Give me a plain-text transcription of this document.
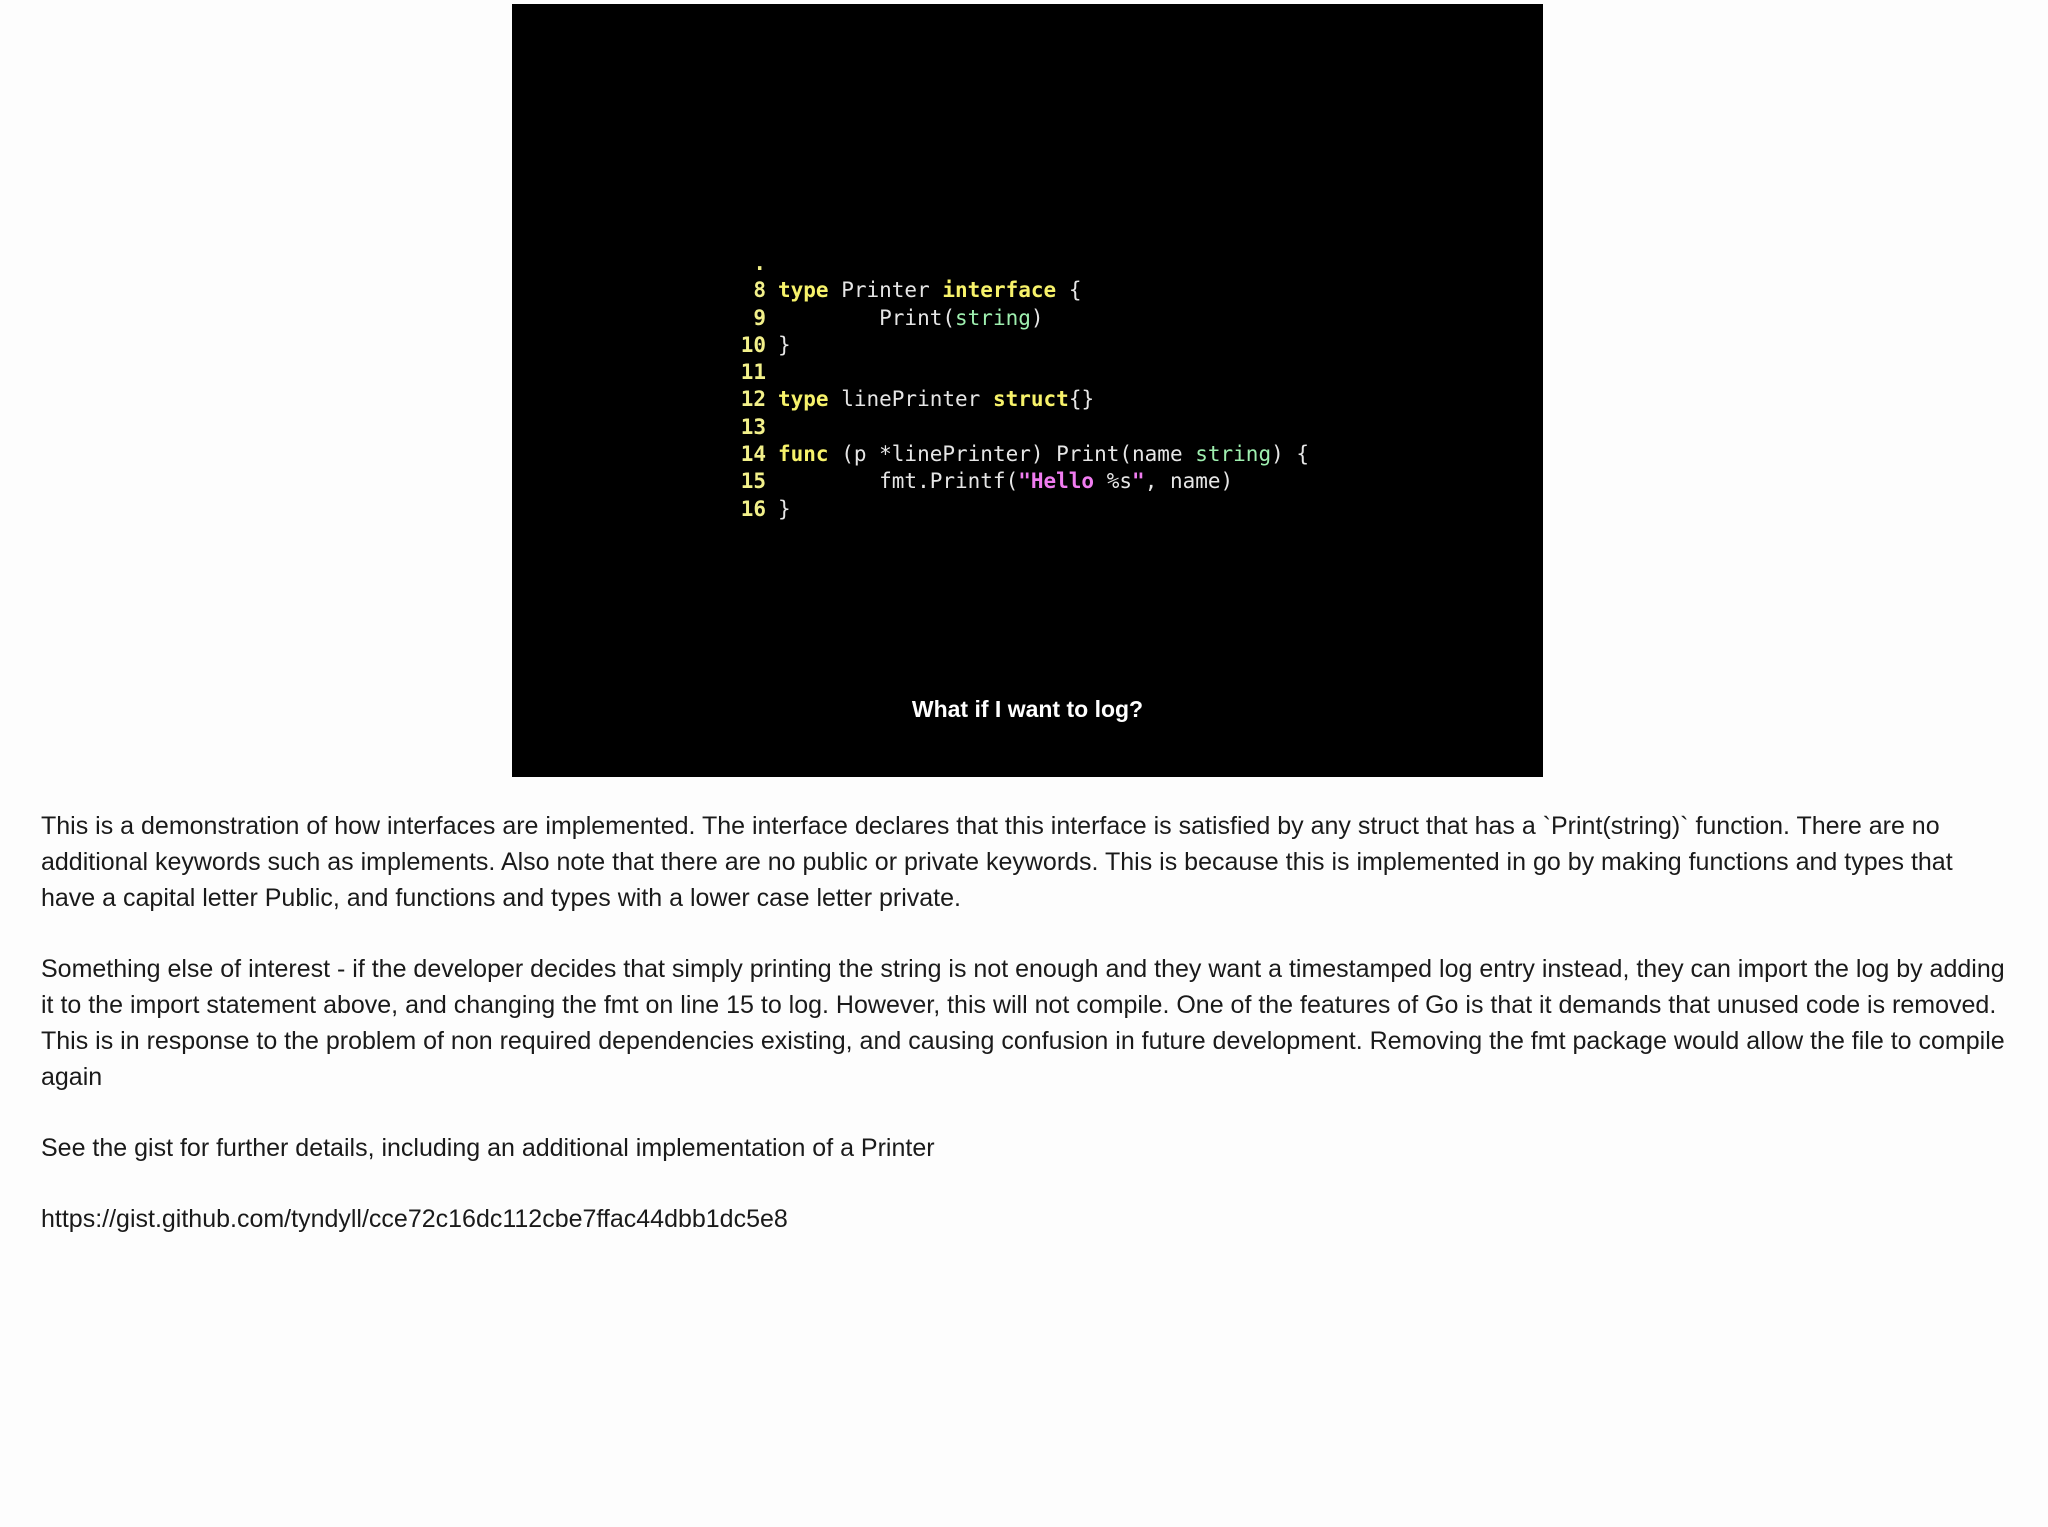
.
8 type Printer interface {
9        Print(string)
10 }
11
12 type linePrinter struct{}
13
14 func (p *linePrinter) Print(name string) {
15        fmt.Printf("Hello %s", name)
16 }
What if I want to log?

This is a demonstration of how interfaces are implemented. The interface declares that this interface is satisfied by any struct that has a `Print(string)` function. There are no additional keywords such as implements. Also note that there are no public or private keywords. This is because this is implemented in go by making functions and types that have a capital letter Public, and functions and types with a lower case letter private.

Something else of interest - if the developer decides that simply printing the string is not enough and they want a timestamped log entry instead, they can import the log by adding it to the import statement above, and changing the fmt on line 15 to log. However, this will not compile. One of the features of Go is that it demands that unused code is removed. This is in response to the problem of non required dependencies existing, and causing confusion in future development. Removing the fmt package would allow the file to compile again

See the gist for further details, including an additional implementation of a Printer

https://gist.github.com/tyndyll/cce72c16dc112cbe7ffac44dbb1dc5e8
